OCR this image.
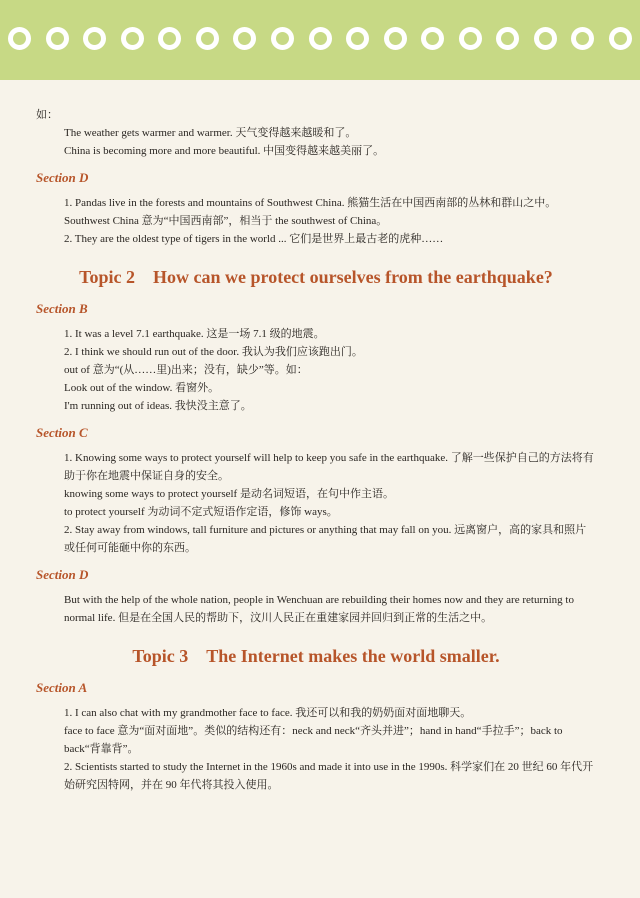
如：
The weather gets warmer and warmer. 天气变得越来越暖和了。
China is becoming more and more beautiful. 中国变得越来越美丽了。
Section D

1. Pandas live in the forests and mountains of Southwest China. 熊猫生活在中国西南部的丛林和群山之中。

Southwest China 意为“中国西南部”，相当于 the southwest of China。
2. They are the oldest type of tigers in the world ... 它们是世界上最古老的虎种……
Topic 2 How can we protect ourselves from the earthquake?
Section B
1. It was a level 7.1 earthquake. 这是一场 7.1 级的地震。
2. I think we should run out of the door. 我认为我们应该跑出门。
out of 意为“(从……里)出来；没有，缺少”等。如：
Look out of the window. 看窗外。
I'm running out of ideas. 我快没主意了。
Section C

1. Knowing some ways to protect yourself will help to keep you safe in the earthquake. 了解一些保护自己的方法将有助于你在地震中保证自身的安全。

knowing some ways to protect yourself 是动名词短语，在句中作主语。
to protect yourself 为动词不定式短语作定语，修饰 ways。

2. Stay away from windows, tall furniture and pictures or anything that may fall on you. 远离窗户，高的家具和照片或任何可能砸中你的东西。

Section D

But with the help of the whole nation, people in Wenchuan are rebuilding their homes now and they are returning to normal life. 但是在全国人民的帮助下，汶川人民正在重建家园并回归到正常的生活之中。

Topic 3 The Internet makes the world smaller.
Section A
1. I can also chat with my grandmother face to face. 我还可以和我的奶奶面对面地聊天。

face to face 意为“面对面地”。类似的结构还有：neck and neck“齐头并进”；hand in hand“手拉手”；back to back“背靠背”。

2. Scientists started to study the Internet in the 1960s and made it into use in the 1990s. 科学家们在 20 世纪 60 年代开始研究因特网，并在 90 年代将其投入使用。
